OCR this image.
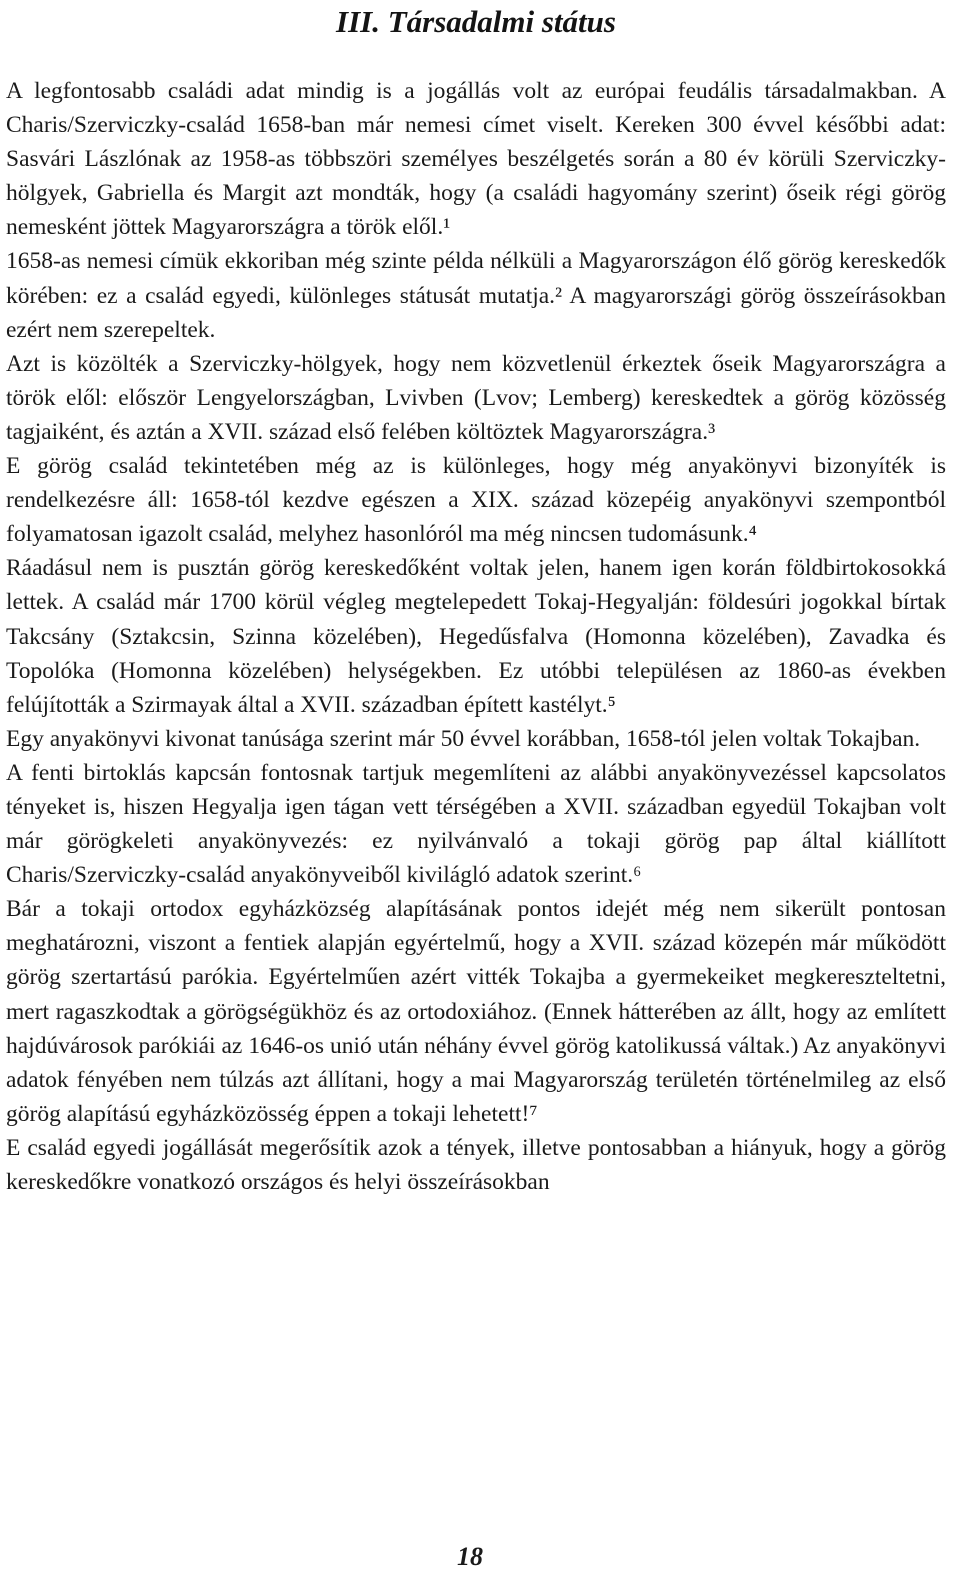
III. Társadalmi státus

A legfontosabb családi adat mindig is a jogállás volt az európai feudális társadalmakban. A Charis/Szerviczky-család 1658-ban már nemesi címet viselt. Kereken 300 évvel későbbi adat: Sasvári Lászlónak az 1958-as többszöri személyes beszélgetés során a 80 év körüli Szerviczky-hölgyek, Gabriella és Margit azt mondták, hogy (a családi hagyomány szerint) őseik régi görög nemesként jöttek Magyarországra a török elől.¹

1658-as nemesi címük ekkoriban még szinte példa nélküli a Magyarországon élő görög kereskedők körében: ez a család egyedi, különleges státusát mutatja.² A magyarországi görög összeírásokban ezért nem szerepeltek.

Azt is közölték a Szerviczky-hölgyek, hogy nem közvetlenül érkeztek őseik Magyarországra a török elől: először Lengyelországban, Lvivben (Lvov; Lemberg) kereskedtek a görög közösség tagjaiként, és aztán a XVII. század első felében költöztek Magyarországra.³

E görög család tekintetében még az is különleges, hogy még anyakönyvi bizonyíték is rendelkezésre áll: 1658-tól kezdve egészen a XIX. század közepéig anyakönyvi szempontból folyamatosan igazolt család, melyhez hasonlóról ma még nincsen tudomásunk.⁴

Ráadásul nem is pusztán görög kereskedőként voltak jelen, hanem igen korán földbirtokosokká lettek. A család már 1700 körül végleg megtelepedett Tokaj-Hegyalján: földesúri jogokkal bírtak Takcsány (Sztakcsin, Szinna közelében), Hegedűsfalva (Homonna közelében), Zavadka és Topolóka (Homonna közelében) helységekben. Ez utóbbi településen az 1860-as években felújították a Szirmayak által a XVII. században épített kastélyt.⁵

Egy anyakönyvi kivonat tanúsága szerint már 50 évvel korábban, 1658-tól jelen voltak Tokajban.

A fenti birtoklás kapcsán fontosnak tartjuk megemlíteni az alábbi anyakönyvezéssel kapcsolatos tényeket is, hiszen Hegyalja igen tágan vett térségében a XVII. században egyedül Tokajban volt már görögkeleti anyakönyvezés: ez nyilvánvaló a tokaji görög pap által kiállított Charis/Szerviczky-család anyakönyveiből kivilágló adatok szerint.⁶

Bár a tokaji ortodox egyházközség alapításának pontos idejét még nem sikerült pontosan meghatározni, viszont a fentiek alapján egyértelmű, hogy a XVII. század közepén már működött görög szertartású parókia. Egyértelműen azért vitték Tokajba a gyermekeiket megkereszteltetni, mert ragaszkodtak a görögségükhöz és az ortodoxiához. (Ennek hátterében az állt, hogy az említett hajdúvárosok parókiái az 1646-os unió után néhány évvel görög katolikussá váltak.) Az anyakönyvi adatok fényében nem túlzás azt állítani, hogy a mai Magyarország területén történelmileg az első görög alapítású egyházközösség éppen a tokaji lehetett!⁷

E család egyedi jogállását megerősítik azok a tények, illetve pontosabban a hiányuk, hogy a görög kereskedőkre vonatkozó országos és helyi összeírásokban

18
